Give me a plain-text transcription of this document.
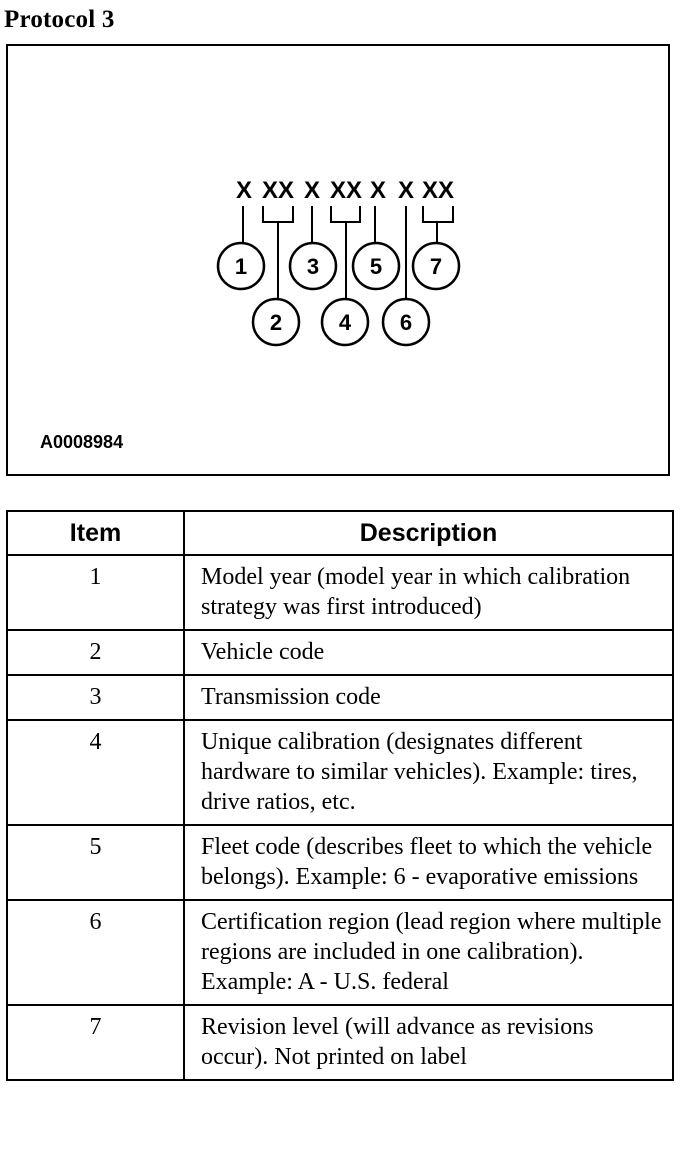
Protocol 3
X XX X XX X X XX
1	3 5 7
2	4 6
A0008984
Item	Description
1	Model year (model year in which calibration strategy was first introduced)
2	Vehicle code
3	Transmission code
4	Unique calibration (designates different hardware to similar vehicles). Example: tires, drive ratios, etc.
5	Fleet code (describes fleet to which the vehicle belongs). Example: 6 - evaporative emissions
6	Certification region (lead region where multiple regions are included in one calibration). Example: A - U.S. federal
7	Revision level (will advance as revisions occur). Not printed on label
